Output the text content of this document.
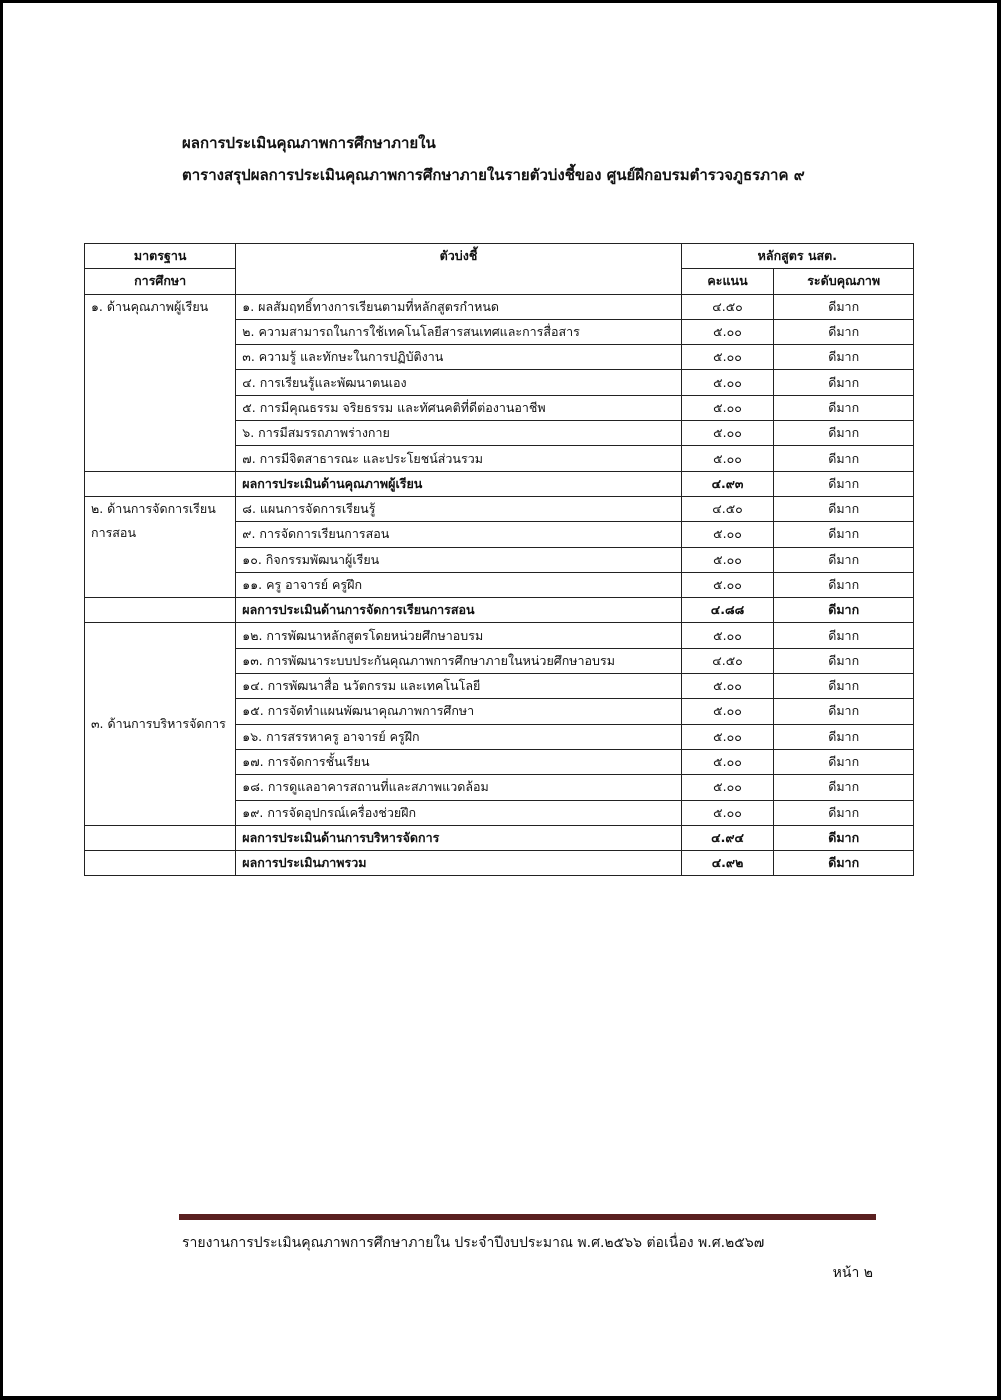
ผลการประเมินคุณภาพการศึกษาภายใน
ตารางสรุปผลการประเมินคุณภาพการศึกษาภายในรายตัวบ่งชี้ของ ศูนย์ฝึกอบรมตำรวจภูธรภาค ๙
มาตรฐาน	ตัวบ่งชี้	หลักสูตร นสต.	
การศึกษา		คะแนน	ระดับคุณภาพ
๑. ด้านคุณภาพผู้เรียน	๑. ผลสัมฤทธิ์ทางการเรียนตามที่หลักสูตรกำหนด	๔.๕๐	ดีมาก
	๒. ความสามารถในการใช้เทคโนโลยีสารสนเทศและการสื่อสาร	๕.๐๐	ดีมาก
	๓. ความรู้ และทักษะในการปฏิบัติงาน	๕.๐๐	ดีมาก
	๔. การเรียนรู้และพัฒนาตนเอง	๕.๐๐	ดีมาก
	๕. การมีคุณธรรม จริยธรรม และทัศนคติที่ดีต่องานอาชีพ	๕.๐๐	ดีมาก
	๖. การมีสมรรถภาพร่างกาย	๕.๐๐	ดีมาก
	๗. การมีจิตสาธารณะ และประโยชน์ส่วนรวม	๕.๐๐	ดีมาก
	ผลการประเมินด้านคุณภาพผู้เรียน	๔.๙๓	ดีมาก
๒. ด้านการจัดการเรียนการสอน	๘. แผนการจัดการเรียนรู้	๔.๕๐	ดีมาก
	๙. การจัดการเรียนการสอน	๕.๐๐	ดีมาก
	๑๐. กิจกรรมพัฒนาผู้เรียน	๕.๐๐	ดีมาก
	๑๑. ครู อาจารย์ ครูฝึก	๕.๐๐	ดีมาก
	ผลการประเมินด้านการจัดการเรียนการสอน	๔.๘๘	ดีมาก
๓. ด้านการบริหารจัดการ	๑๒. การพัฒนาหลักสูตรโดยหน่วยศึกษาอบรม	๕.๐๐	ดีมาก
	๑๓. การพัฒนาระบบประกันคุณภาพการศึกษาภายในหน่วยศึกษาอบรม	๔.๕๐	ดีมาก
	๑๔. การพัฒนาสื่อ นวัตกรรม และเทคโนโลยี	๕.๐๐	ดีมาก
	๑๕. การจัดทำแผนพัฒนาคุณภาพการศึกษา	๕.๐๐	ดีมาก
	๑๖. การสรรหาครู อาจารย์ ครูฝึก	๕.๐๐	ดีมาก
	๑๗. การจัดการชั้นเรียน	๕.๐๐	ดีมาก
	๑๘. การดูแลอาคารสถานที่และสภาพแวดล้อม	๕.๐๐	ดีมาก
	๑๙. การจัดอุปกรณ์เครื่องช่วยฝึก	๕.๐๐	ดีมาก
	ผลการประเมินด้านการบริหารจัดการ	๔.๙๔	ดีมาก
	ผลการประเมินภาพรวม	๔.๙๒	ดีมาก
รายงานการประเมินคุณภาพการศึกษาภายใน ประจำปีงบประมาณ พ.ศ.๒๕๖๖ ต่อเนื่อง พ.ศ.๒๕๖๗
หน้า ๒
